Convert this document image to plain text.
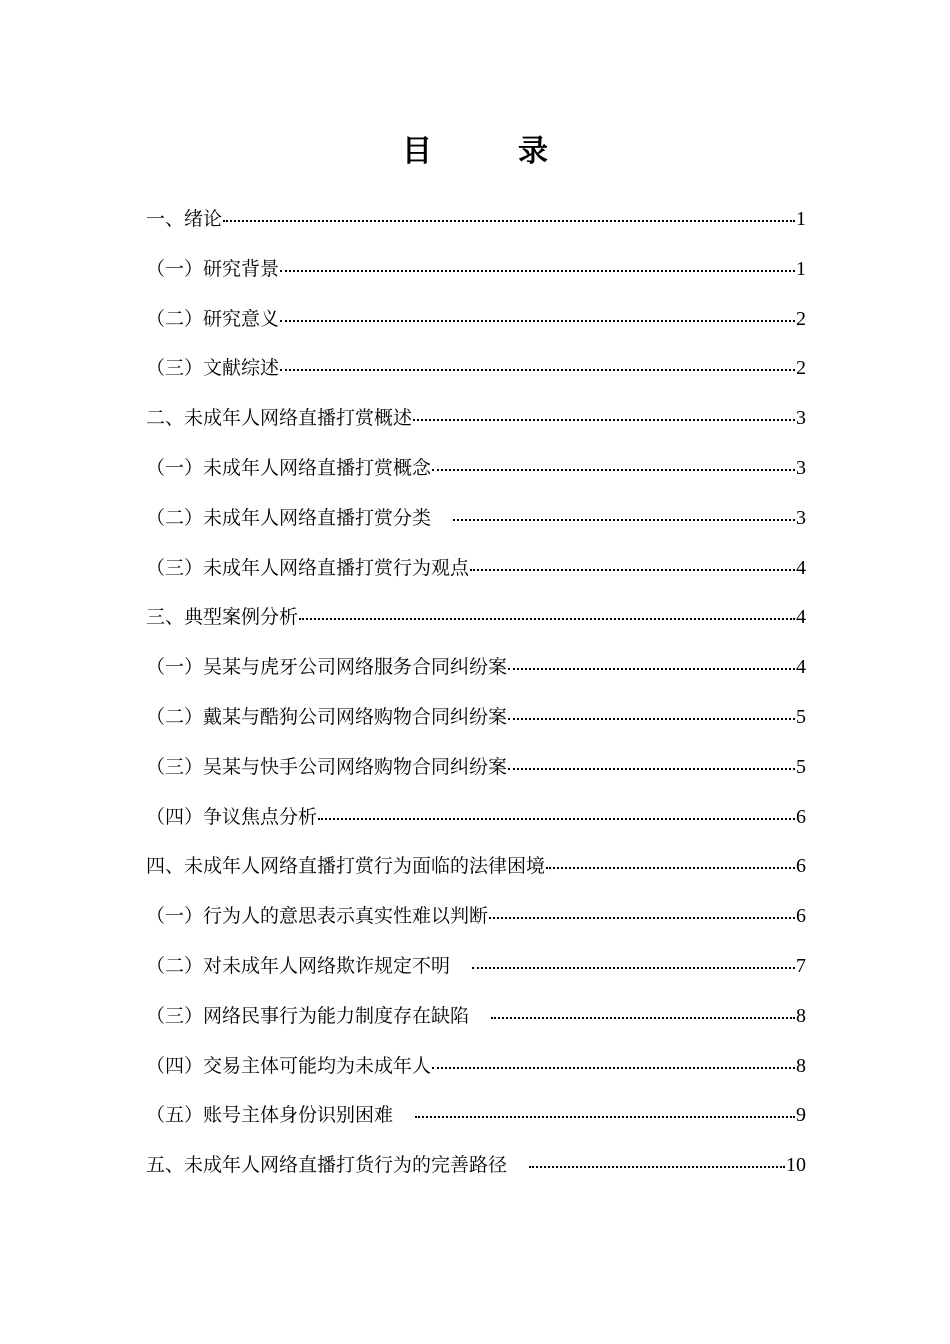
目　录
一、绪论	1
（一）研究背景	1
（二）研究意义	2
（三）文献综述	2
二、未成年人网络直播打赏概述	3
（一）未成年人网络直播打赏概念	3
（二）未成年人网络直播打赏分类	3
（三）未成年人网络直播打赏行为观点	4
三、典型案例分析	4
（一）吴某与虎牙公司网络服务合同纠纷案	4
（二）戴某与酷狗公司网络购物合同纠纷案	5
（三）吴某与快手公司网络购物合同纠纷案	5
（四）争议焦点分析	6
四、未成年人网络直播打赏行为面临的法律困境	6
（一）行为人的意思表示真实性难以判断	6
（二）对未成年人网络欺诈规定不明	7
（三）网络民事行为能力制度存在缺陷	8
（四）交易主体可能均为未成年人	8
（五）账号主体身份识别困难	9
五、未成年人网络直播打货行为的完善路径	10
